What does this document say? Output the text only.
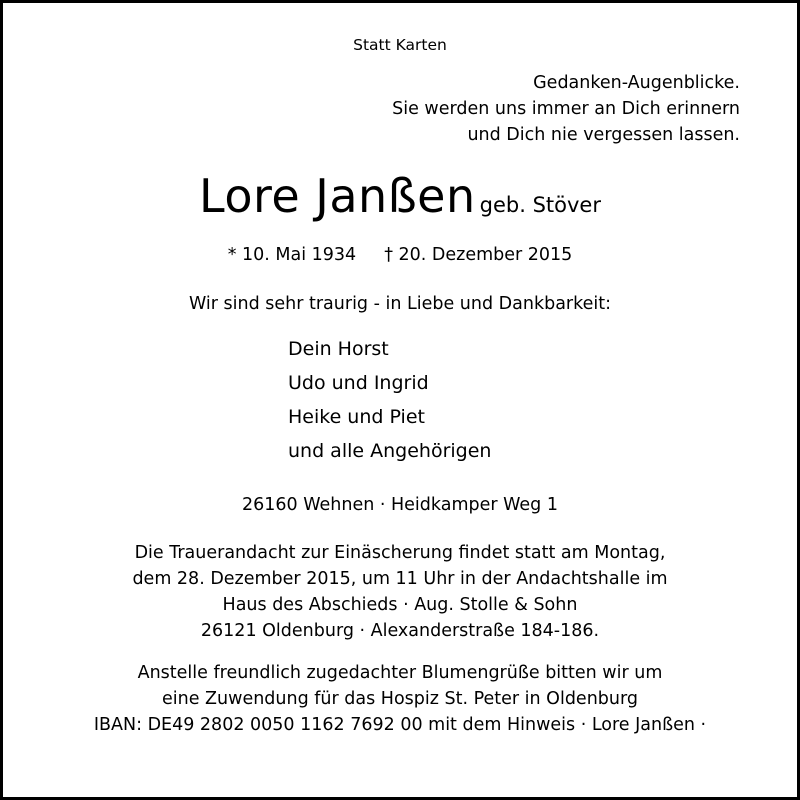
Statt Karten
Gedanken-Augenblicke.
Sie werden uns immer an Dich erinnern
und Dich nie vergessen lassen.
Lore Janßen geb. Stöver
* 10. Mai 1934 † 20. Dezember 2015
Wir sind sehr traurig - in Liebe und Dankbarkeit:
Dein Horst
Udo und Ingrid
Heike und Piet
und alle Angehörigen
26160 Wehnen · Heidkamper Weg 1
Die Trauerandacht zur Einäscherung findet statt am Montag,
dem 28. Dezember 2015, um 11 Uhr in der Andachtshalle im
Haus des Abschieds · Aug. Stolle & Sohn
26121 Oldenburg · Alexanderstraße 184-186.
Anstelle freundlich zugedachter Blumengrüße bitten wir um
eine Zuwendung für das Hospiz St. Peter in Oldenburg
IBAN: DE49 2802 0050 1162 7692 00 mit dem Hinweis · Lore Janßen ·
